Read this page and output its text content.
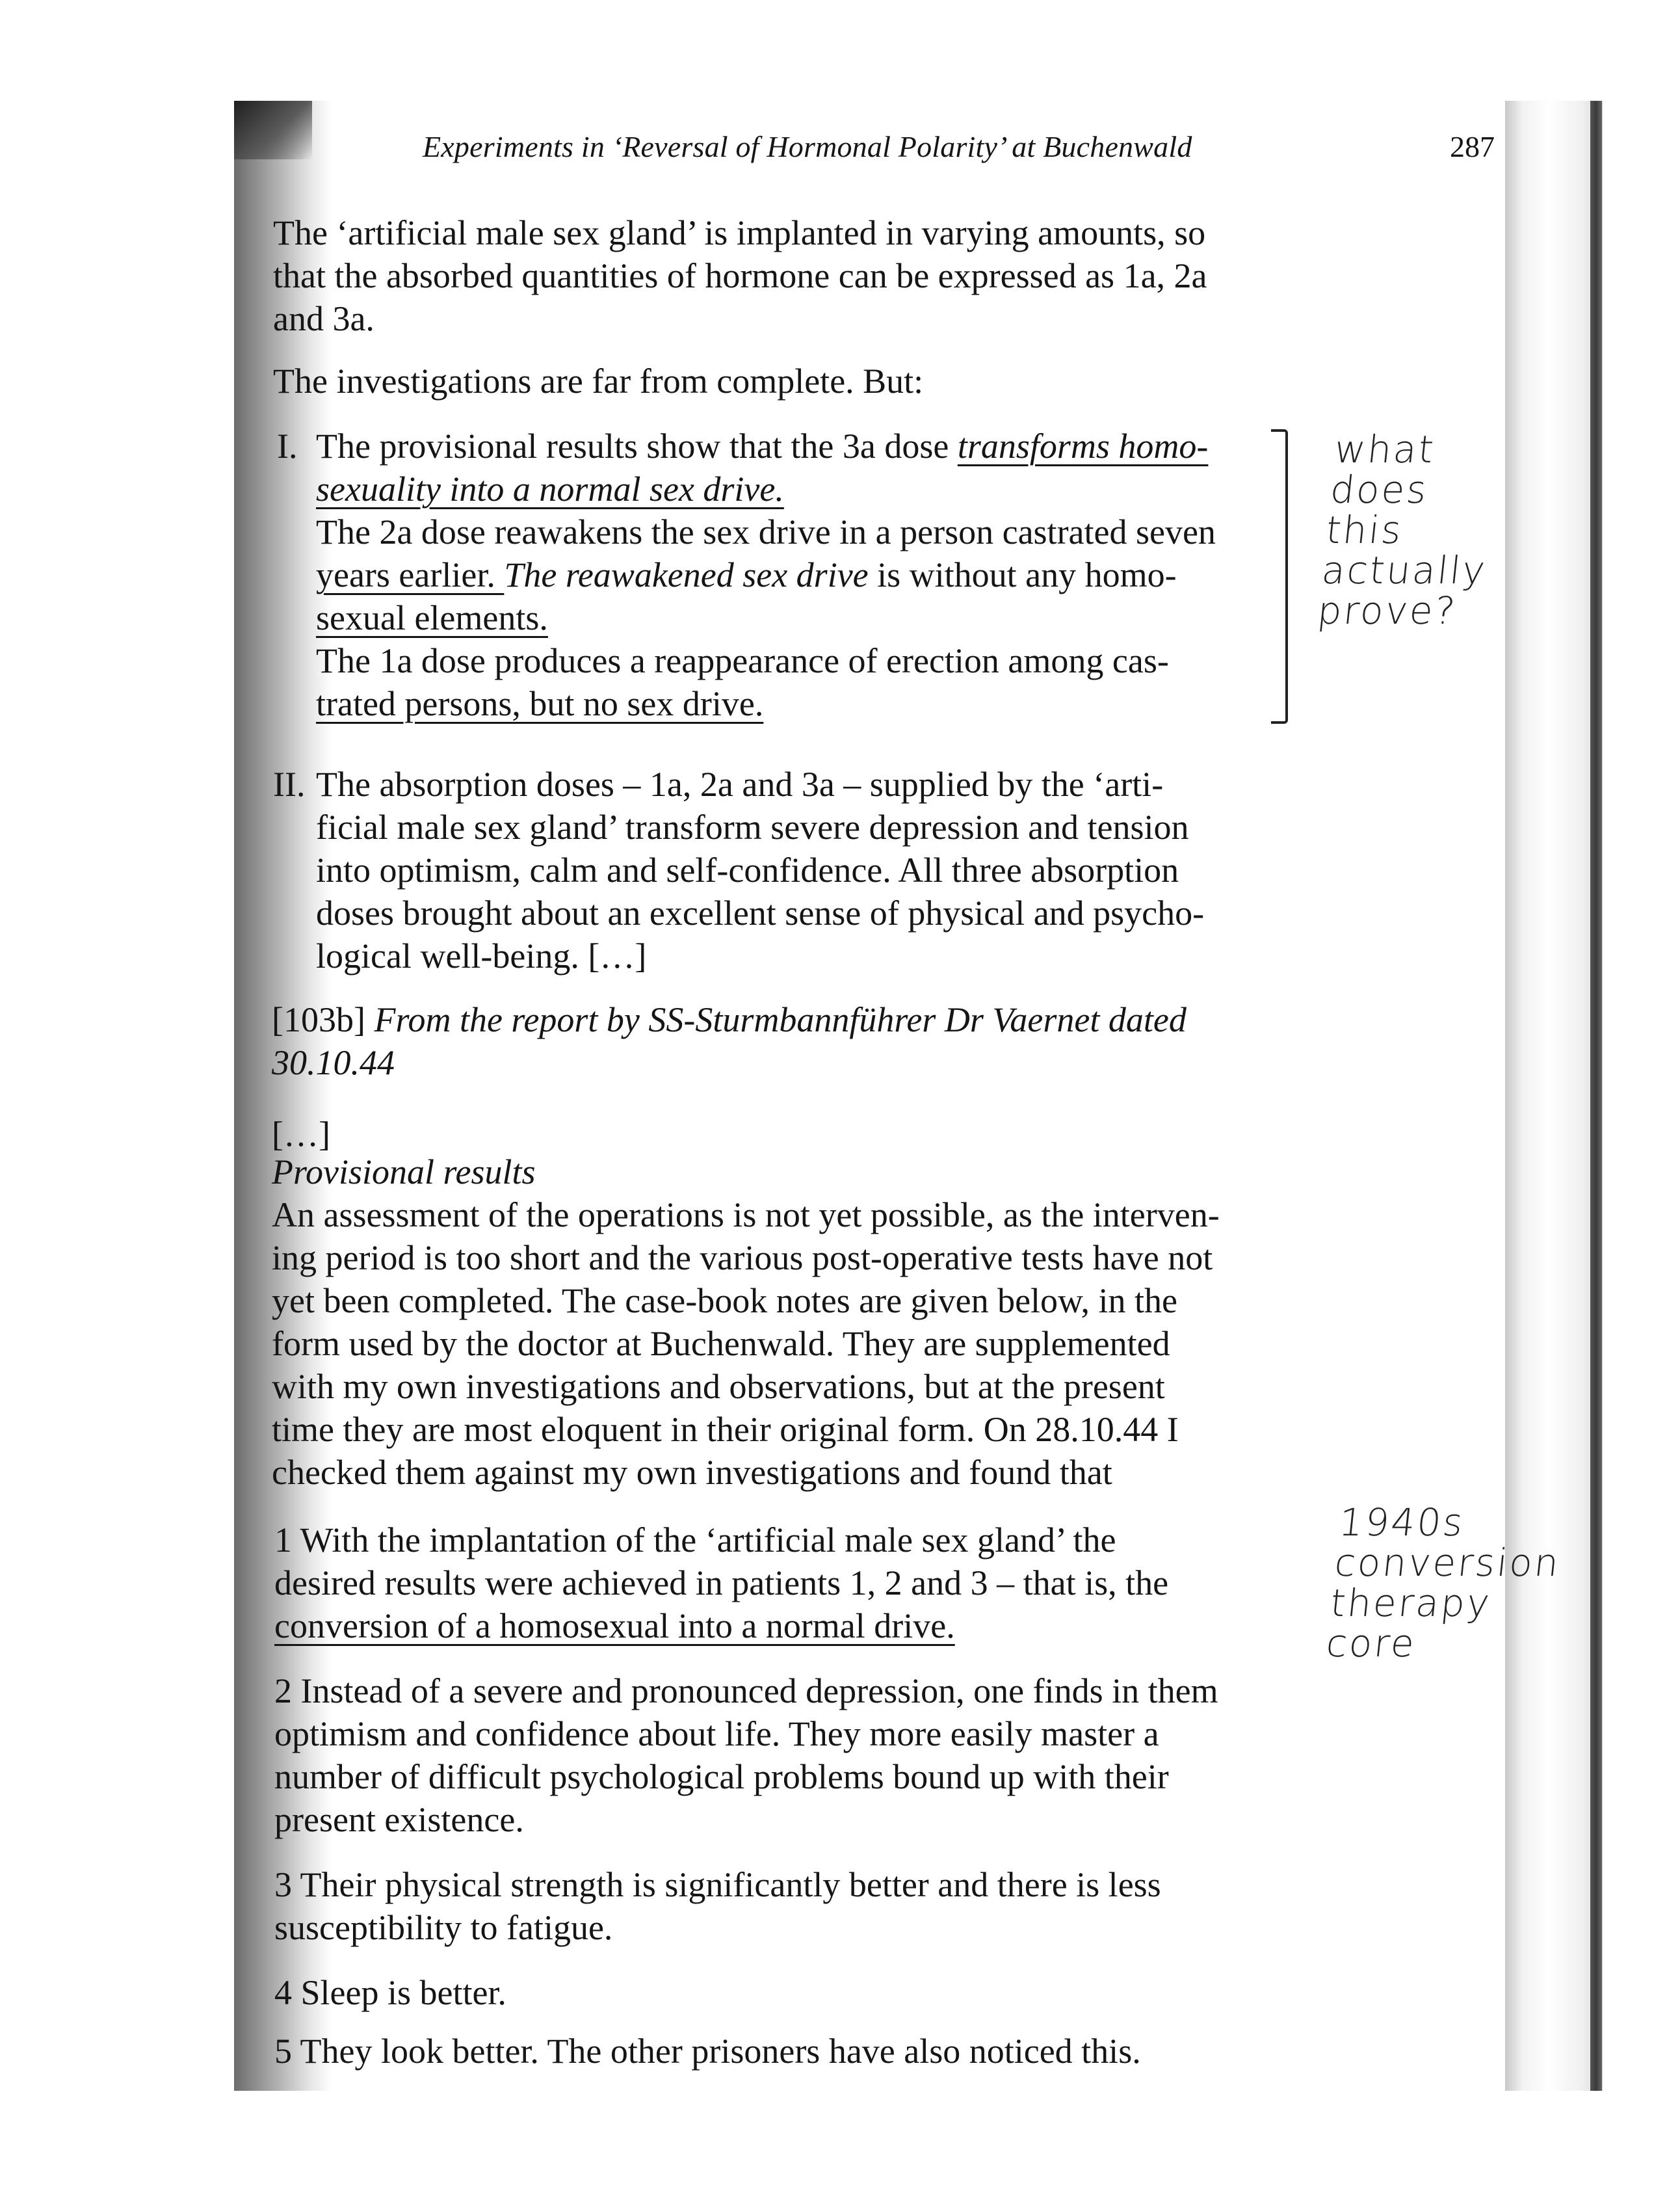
Experiments in ‘Reversal of Hormonal Polarity’ at Buchenwald	287
The ‘artificial male sex gland’ is implanted in varying amounts, so
that the absorbed quantities of hormone can be expressed as 1a, 2a
and 3a.
The investigations are far from complete. But:
I. The provisional results show that the 3a dose transforms homo-
sexuality into a normal sex drive.
The 2a dose reawakens the sex drive in a person castrated seven
years earlier. The reawakened sex drive is without any homo-
sexual elements.
The 1a dose produces a reappearance of erection among cas-
trated persons, but no sex drive.
what
does
this
actually
prove?
II. The absorption doses – 1a, 2a and 3a – supplied by the ‘arti-
ficial male sex gland’ transform severe depression and tension
into optimism, calm and self-confidence. All three absorption
doses brought about an excellent sense of physical and psycho-
logical well-being. […]
[103b] From the report by SS-Sturmbannführer Dr Vaernet dated
30.10.44
[…]
Provisional results
An assessment of the operations is not yet possible, as the interven-
ing period is too short and the various post-operative tests have not
yet been completed. The case-book notes are given below, in the
form used by the doctor at Buchenwald. They are supplemented
with my own investigations and observations, but at the present
time they are most eloquent in their original form. On 28.10.44 I
checked them against my own investigations and found that
1 With the implantation of the ‘artificial male sex gland’ the
desired results were achieved in patients 1, 2 and 3 – that is, the
conversion of a homosexual into a normal drive.
2 Instead of a severe and pronounced depression, one finds in them
optimism and confidence about life. They more easily master a
number of difficult psychological problems bound up with their
present existence.
3 Their physical strength is significantly better and there is less
susceptibility to fatigue.
4 Sleep is better.
5 They look better. The other prisoners have also noticed this.
1940s
conversion
therapy
core
